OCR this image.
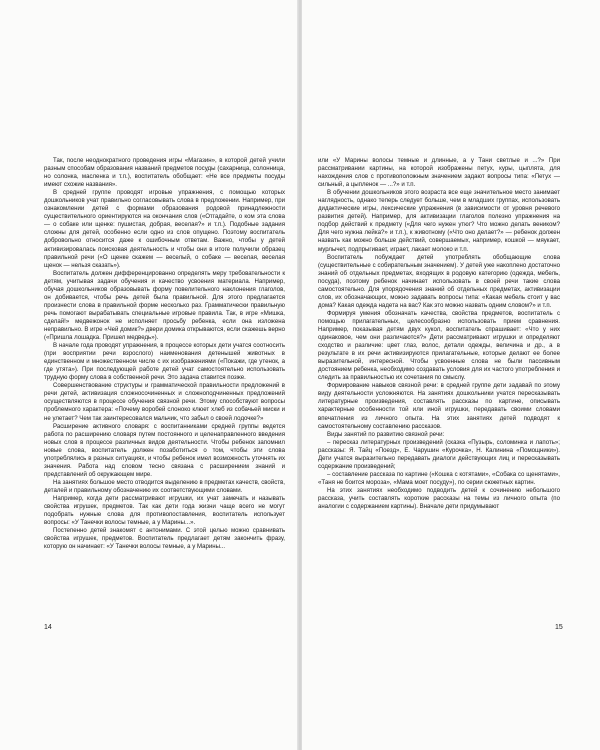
Так, после неоднократного проведения игры «Магазин», в которой детей учили разным способам образования названий предметов посуды (сахарница, солонница, но солонка, масленка и т.п.), воспитатель обобщает: «Не все предметы посуды имеют схожие названия».

В средней группе проводят игровые упражнения, с помощью которых дошкольников учат правильно согласовывать слова в предложении. Например, при ознакомлении детей с формами образования родовой принадлежности существительного ориентируются на окончания слов («Отгадайте, о ком эта слова — о собаке или щенке: пушистая, добрая, веселая?» и т.п.). Подобные задания сложны для детей, особенно если одно из слов опущено. Поэтому воспитатель добровольно относится даже к ошибочным ответам. Важно, чтобы у детей активизировалась поисковая деятельность и чтобы они в итоге получили образец правильной речи («О щенке скажем — веселый, о собаке — веселая, веселая щенок — нельзя сказать»).

Воспитатель должен дифференцированно определять меру требовательности к детям, учитывая задачи обучения и качество усвоения материала. Например, обучая дошкольников образовывать форму повелительного наклонения глаголов, он добивается, чтобы речь детей была правильной. Для этого предлагается произнести слова в правильной форме несколько раз. Грамматически правильную речь помогают вырабатывать специальные игровые правила. Так, в игре «Мишка, сделай!» медвежонок не исполняет просьбу ребенка, если она изложена неправильно. В игре «Чей домик?» двери домика открываются, если скажешь верно («Пришла лошадка. Пришел медведь»).

В начале года проводят упражнения, в процессе которых дети учатся соотносить (при восприятии речи взрослого) наименования детенышей животных в единственном и множественном числе с их изображениями («Покажи, где утенок, а где утята»). При последующей работе детей учат самостоятельно использовать трудную форму слова в собственной речи. Это задача ставится позже.

Совершенствование структуры и грамматической правильности предложений в речи детей, активизация сложносочиненных и сложноподчиненных предложений осуществляются в процессе обучения связной речи. Этому способствуют вопросы проблемного характера: «Почему воробей слоноко клюет хлеб из собачьей миски и не улетает? Чем так заинтересовался мальчик, что забыл о своей лодочке?»

Расширение активного словаря: с воспитанниками средней группы ведется работа по расширению словаря путем постоянного и целенаправленного введения новых слов в процессе различных видов деятельности. Чтобы ребенок запомнил новые слова, воспитатель должен позаботиться о том, чтобы эти слова употреблялись в разных ситуациях, и чтобы ребенок имел возможность уточнять их значения. Работа над словом тесно связана с расширением знаний и представлений об окружающем мире.

На занятиях большое место отводится выделению в предметах качеств, свойств, деталей и правильному обозначению их соответствующими словами.

Например, когда дети рассматривают игрушки, их учат замечать и называть свойства игрушек, предметов. Так как дети года жизни чаще всего не могут подобрать нужные слова для противопоставления, воспитатель использует вопросы: «У Танечки волосы темные, а у Марины...».

Постепенно детей знакомят с антонимами. С этой целью можно сравнивать свойства игрушек, предметов. Воспитатель предлагает детям закончить фразу, которую он начинает: «У Танечки волосы темные, а у Марины...

14

или «У Марины волосы темные и длинные, а у Тани светлые и ...?» При рассматривании картины, на которой изображены петух, куры, цыплята, для нахождения слов с противоположным значением задают вопросы типа: «Петух — сильный, а цыпленок — ...?» и т.п.

В обучении дошкольников этого возраста все еще значительное место занимает наглядность, однако теперь следует больше, чем в младших группах, использовать дидактические игры, лексические упражнения (в зависимости от уровня речевого развития детей). Например, для активизации глаголов полезно упражнения на подбор действий к предмету («Для чего нужен утюг? Что можно делать веником? Для чего нужна лейка?» и т.п.), к животному («Что оно делает?» — ребенок должен назвать как можно больше действий, совершаемых, например, кошкой — мяукает, мурлычет, подпрыгивает, играет, лакает молоко и т.п.

Воспитатель побуждает детей употреблять обобщающие слова (существительные с собирательным значением). У детей уже накоплено достаточно знаний об отдельных предметах, входящих в родовую категорию (одежда, мебель, посуда), поэтому ребенок начинает использовать в своей речи такие слова самостоятельно. Для упорядочения знаний об отдельных предметах, активизации слов, их обозначающих, можно задавать вопросы типа: «Какая мебель стоит у вас дома? Какая одежда надета на вас? Как это можно назвать одним словом?» и т.п.

Формируя умения обозначать качества, свойства предметов, воспитатель с помощью прилагательных, целесообразно использовать прием сравнения. Например, показывая детям двух кукол, воспитатель спрашивает: «Что у них одинаковое, чем они различаются?» Дети рассматривают игрушки и определяют сходство и различие: цвет глаз, волос, детали одежды, величина и др., а в результате в их речи активизируются прилагательные, которые делают ее более выразительной, интересной. Чтобы усвоенные слова не были пассивным достоянием ребенка, необходимо создавать условия для их частого употребления и следить за правильностью их сочетания по смыслу.

Формирование навыков связной речи: в средней группе дети задавай по этому виду деятельности усложняются. На занятиях дошкольники учатся пересказывать литературные произведения, составлять рассказы по картине, описывать характерные особенности той или иной игрушки, передавать своими словами впечатления из личного опыта. На этих занятиях детей подводят к самостоятельному составлению рассказов.

Виды занятий по развитию связной речи:

– пересказ литературных произведений (сказка «Пузырь, соломинка и лапоть»; рассказы: Я. Тайц «Поезд», Е. Чарушин «Курочка», Н. Калинина «Помощники»). Дети учатся выразительно передавать диалоги действующих лиц и пересказывать содержание произведений;

– составление рассказа по картине («Кошка с котятами», «Собака со щенятами», «Таня не боится мороза», «Мама моет посуду»), по серии сюжетных картин.

На этих занятиях необходимо подводить детей к сочинению небольшого рассказа, учить составлять короткие рассказы на темы из личного опыта (по аналогии с содержанием картины). Вначале дети придумывают

15
